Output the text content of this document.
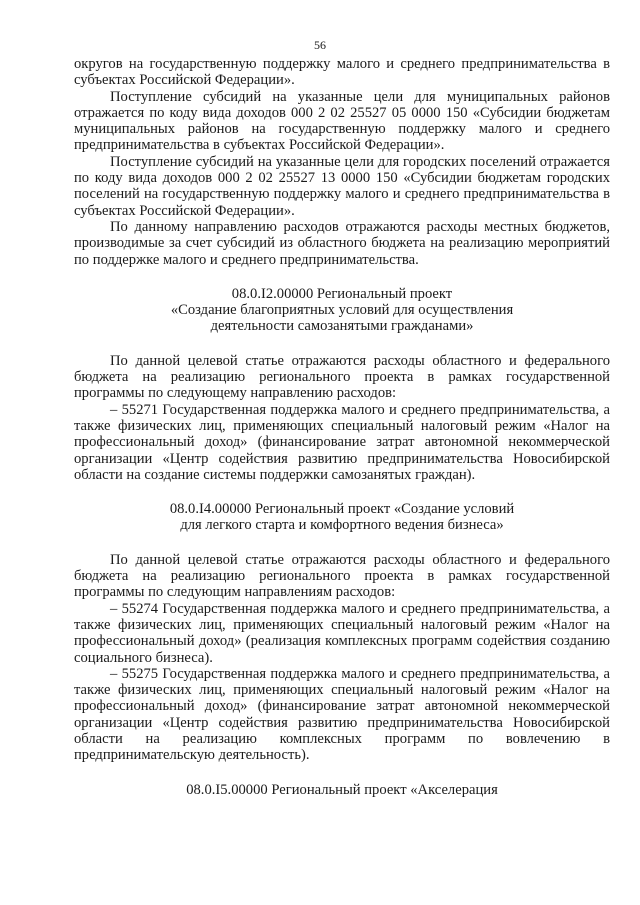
56

округов на государственную поддержку малого и среднего предпринимательства в субъектах Российской Федерации».

Поступление субсидий на указанные цели для муниципальных районов отражается по коду вида доходов 000 2 02 25527 05 0000 150 «Субсидии бюджетам муниципальных районов на государственную поддержку малого и среднего предпринимательства в субъектах Российской Федерации».

Поступление субсидий на указанные цели для городских поселений отражается по коду вида доходов 000 2 02 25527 13 0000 150 «Субсидии бюджетам городских поселений на государственную поддержку малого и среднего предпринимательства в субъектах Российской Федерации».

По данному направлению расходов отражаются расходы местных бюджетов, производимые за счет субсидий из областного бюджета на реализацию мероприятий по поддержке малого и среднего предпринимательства.

08.0.I2.00000 Региональный проект

«Создание благоприятных условий для осуществления

деятельности самозанятыми гражданами»

По данной целевой статье отражаются расходы областного и федерального бюджета на реализацию регионального проекта в рамках государственной программы по следующему направлению расходов:

– 55271 Государственная поддержка малого и среднего предпринимательства, а также физических лиц, применяющих специальный налоговый режим «Налог на профессиональный доход» (финансирование затрат автономной некоммерческой организации «Центр содействия развитию предпринимательства Новосибирской области на создание системы поддержки самозанятых граждан).

08.0.I4.00000 Региональный проект «Создание условий

для легкого старта и комфортного ведения бизнеса»

По данной целевой статье отражаются расходы областного и федерального бюджета на реализацию регионального проекта в рамках государственной программы по следующим направлениям расходов:

– 55274 Государственная поддержка малого и среднего предпринимательства, а также физических лиц, применяющих специальный налоговый режим «Налог на профессиональный доход» (реализация комплексных программ содействия созданию социального бизнеса).

– 55275 Государственная поддержка малого и среднего предпринимательства, а также физических лиц, применяющих специальный налоговый режим «Налог на профессиональный доход» (финансирование затрат автономной некоммерческой организации «Центр содействия развитию предпринимательства Новосибирской области на реализацию комплексных программ по вовлечению в предпринимательскую деятельность).

08.0.I5.00000 Региональный проект «Акселерация
